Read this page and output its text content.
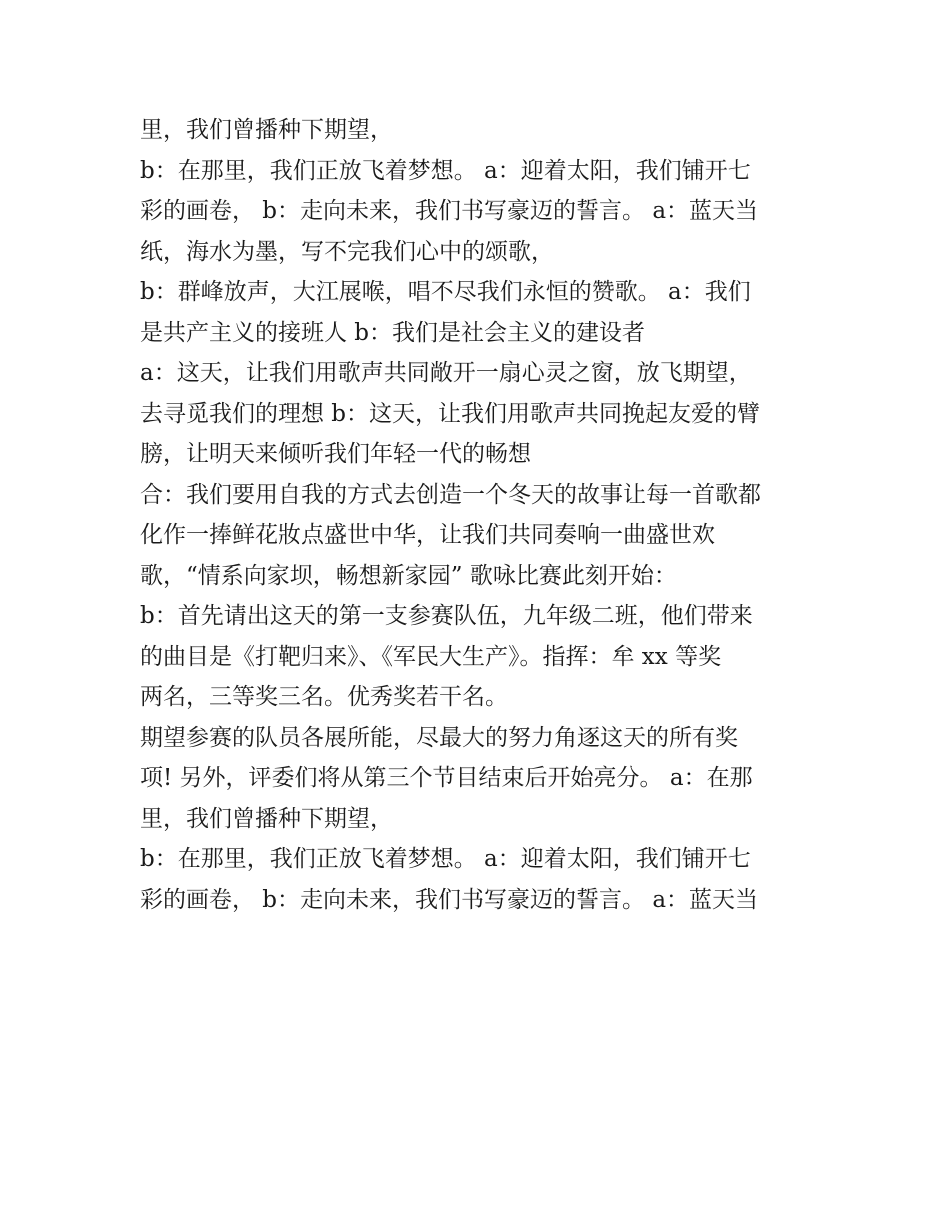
里，我们曾播种下期望，
b：在那里，我们正放飞着梦想。 a：迎着太阳，我们铺开七
彩的画卷， b：走向未来，我们书写豪迈的誓言。 a：蓝天当
纸，海水为墨，写不完我们心中的颂歌，
b：群峰放声，大江展喉，唱不尽我们永恒的赞歌。 a：我们
是共产主义的接班人 b：我们是社会主义的建设者
a：这天，让我们用歌声共同敞开一扇心灵之窗，放飞期望，
去寻觅我们的理想 b：这天，让我们用歌声共同挽起友爱的臂
膀，让明天来倾听我们年轻一代的畅想
合：我们要用自我的方式去创造一个冬天的故事让每一首歌都
化作一捧鲜花妝点盛世中华，让我们共同奏响一曲盛世欢
歌，“情系向家坝，畅想新家园” 歌咏比赛此刻开始：
b：首先请出这天的第一支参赛队伍，九年级二班，他们带来
的曲目是《打靶归来》、《军民大生产》。指挥：牟 xx 等奖
两名，三等奖三名。优秀奖若干名。
期望参赛的队员各展所能，尽最大的努力角逐这天的所有奖
项! 另外，评委们将从第三个节目结束后开始亮分。 a：在那
里，我们曾播种下期望，
b：在那里，我们正放飞着梦想。 a：迎着太阳，我们铺开七
彩的画卷， b：走向未来，我们书写豪迈的誓言。 a：蓝天当
